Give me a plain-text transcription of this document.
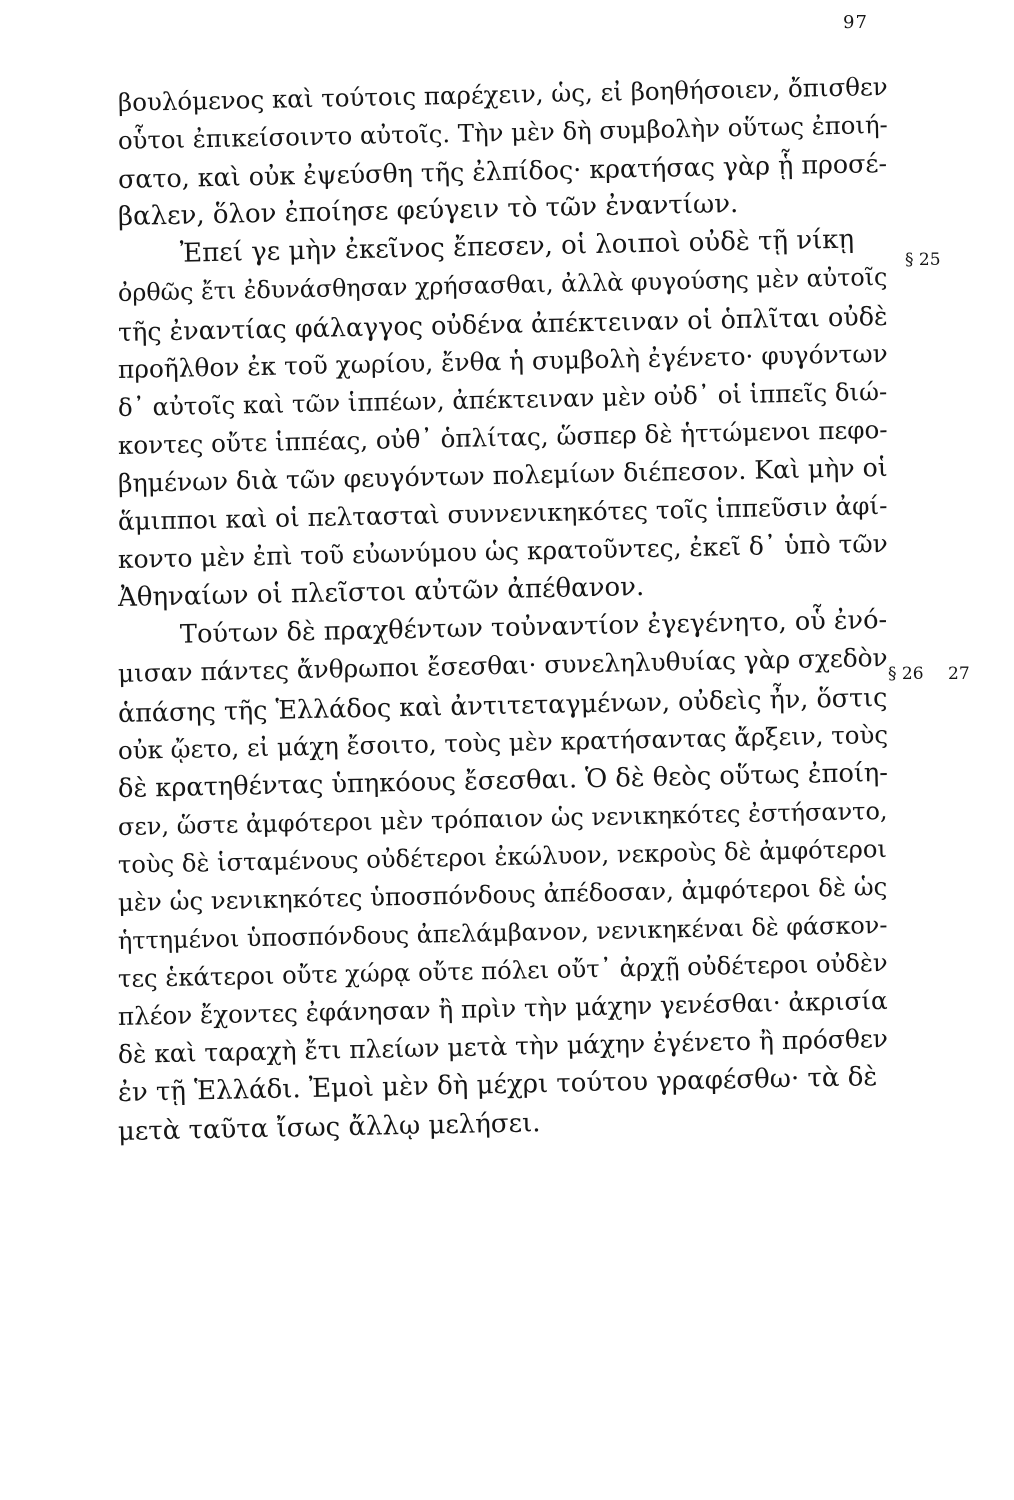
97
βουλόμενος καὶ τούτοις παρέχειν, ὡς, εἰ βοηθήσοιεν, ὄπισθεν
οὗτοι ἐπικείσοιντο αὐτοῖς. Τὴν μὲν δὴ συμβολὴν οὕτως ἐποιή-
σατο, καὶ οὐκ ἐψεύσθη τῆς ἐλπίδος· κρατήσας γὰρ ᾗ προσέ-
βαλεν, ὅλον ἐποίησε φεύγειν τὸ τῶν ἐναντίων.
Ἐπεί γε μὴν ἐκεῖνος ἔπεσεν, οἱ λοιποὶ οὐδὲ τῇ νίκῃ
ὀρθῶς ἔτι ἐδυνάσθησαν χρήσασθαι, ἀλλὰ φυγούσης μὲν αὐτοῖς
τῆς ἐναντίας φάλαγγος οὐδένα ἀπέκτειναν οἱ ὁπλῖται οὐδὲ
προῆλθον ἐκ τοῦ χωρίου, ἔνθα ἡ συμβολὴ ἐγένετο· φυγόντων
δ᾽ αὐτοῖς καὶ τῶν ἱππέων, ἀπέκτειναν μὲν οὐδ᾽ οἱ ἱππεῖς διώ-
κοντες οὔτε ἱππέας, οὐθ᾽ ὁπλίτας, ὥσπερ δὲ ἡττώμενοι πεφο-
βημένων διὰ τῶν φευγόντων πολεμίων διέπεσον. Καὶ μὴν οἱ
ἅμιπποι καὶ οἱ πελτασταὶ συννενικηκότες τοῖς ἱππεῦσιν ἀφί-
κοντο μὲν ἐπὶ τοῦ εὐωνύμου ὡς κρατοῦντες, ἐκεῖ δ᾽ ὑπὸ τῶν
Ἀθηναίων οἱ πλεῖστοι αὐτῶν ἀπέθανον.
Τούτων δὲ πραχθέντων τοὐναντίον ἐγεγένητο, οὗ ἐνό-
μισαν πάντες ἄνθρωποι ἔσεσθαι· συνεληλυθυίας γὰρ σχεδὸν
ἁπάσης τῆς Ἑλλάδος καὶ ἀντιτεταγμένων, οὐδεὶς ἦν, ὅστις
οὐκ ᾤετο, εἰ μάχη ἔσοιτο, τοὺς μὲν κρατήσαντας ἄρξειν, τοὺς
δὲ κρατηθέντας ὑπηκόους ἔσεσθαι. Ὁ δὲ θεὸς οὕτως ἐποίη-
σεν, ὥστε ἀμφότεροι μὲν τρόπαιον ὡς νενικηκότες ἐστήσαντο,
τοὺς δὲ ἱσταμένους οὐδέτεροι ἐκώλυον, νεκροὺς δὲ ἀμφότεροι
μὲν ὡς νενικηκότες ὑποσπόνδους ἀπέδοσαν, ἀμφότεροι δὲ ὡς
ἡττημένοι ὑποσπόνδους ἀπελάμβανον, νενικηκέναι δὲ φάσκον-
τες ἑκάτεροι οὔτε χώρᾳ οὔτε πόλει οὔτ᾽ ἀρχῇ οὐδέτεροι οὐδὲν
πλέον ἔχοντες ἐφάνησαν ἢ πρὶν τὴν μάχην γενέσθαι· ἀκρισία
δὲ καὶ ταραχὴ ἔτι πλείων μετὰ τὴν μάχην ἐγένετο ἢ πρόσθεν
ἐν τῇ Ἑλλάδι. Ἐμοὶ μὲν δὴ μέχρι τούτου γραφέσθω· τὰ δὲ
μετὰ ταῦτα ἴσως ἄλλῳ μελήσει.
§ 25
§ 26 27
